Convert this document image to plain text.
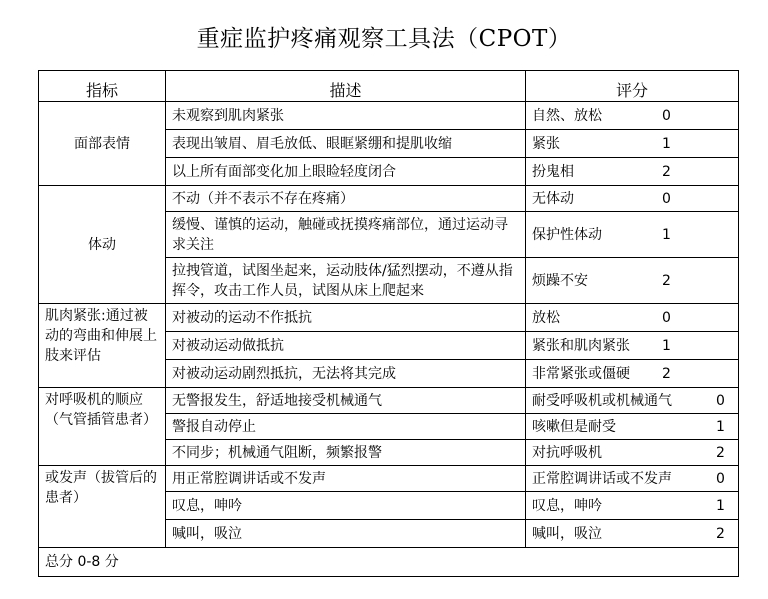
重症监护疼痛观察工具法（CPOT）
指标	描述	评分
面部表情	未观察到肌肉紧张	自然、放松 0

	表现出皱眉、眉毛放低、眼眶紧绷和提肌收缩	紧张 1

	以上所有面部变化加上眼睑轻度闭合	扮鬼相 2

体动	不动（并不表示不存在疼痛）	无体动 0

	缓慢、谨慎的运动，触碰或抚摸疼痛部位，通过运动寻求关注	保护性体动 1

	拉拽管道，试图坐起来，运动肢体/猛烈摆动，不遵从指挥令，攻击工作人员，试图从床上爬起来	烦躁不安 2

肌肉紧张:通过被动的弯曲和伸展上肢来评估	对被动的运动不作抵抗	放松 0

	对被动运动做抵抗	紧张和肌肉紧张 1

	对被动运动剧烈抵抗，无法将其完成	非常紧张或僵硬 2

对呼吸机的顺应（气管插管患者）	无警报发生，舒适地接受机械通气	耐受呼吸机或机械通气 0

	警报自动停止	咳嗽但是耐受 1

	不同步；机械通气阻断，频繁报警	对抗呼吸机 2

或发声（拔管后的患者）	用正常腔调讲话或不发声	正常腔调讲话或不发声 0

	叹息，呻吟	叹息，呻吟 1

	喊叫，吸泣	喊叫，吸泣 2

总分 0-8 分		
